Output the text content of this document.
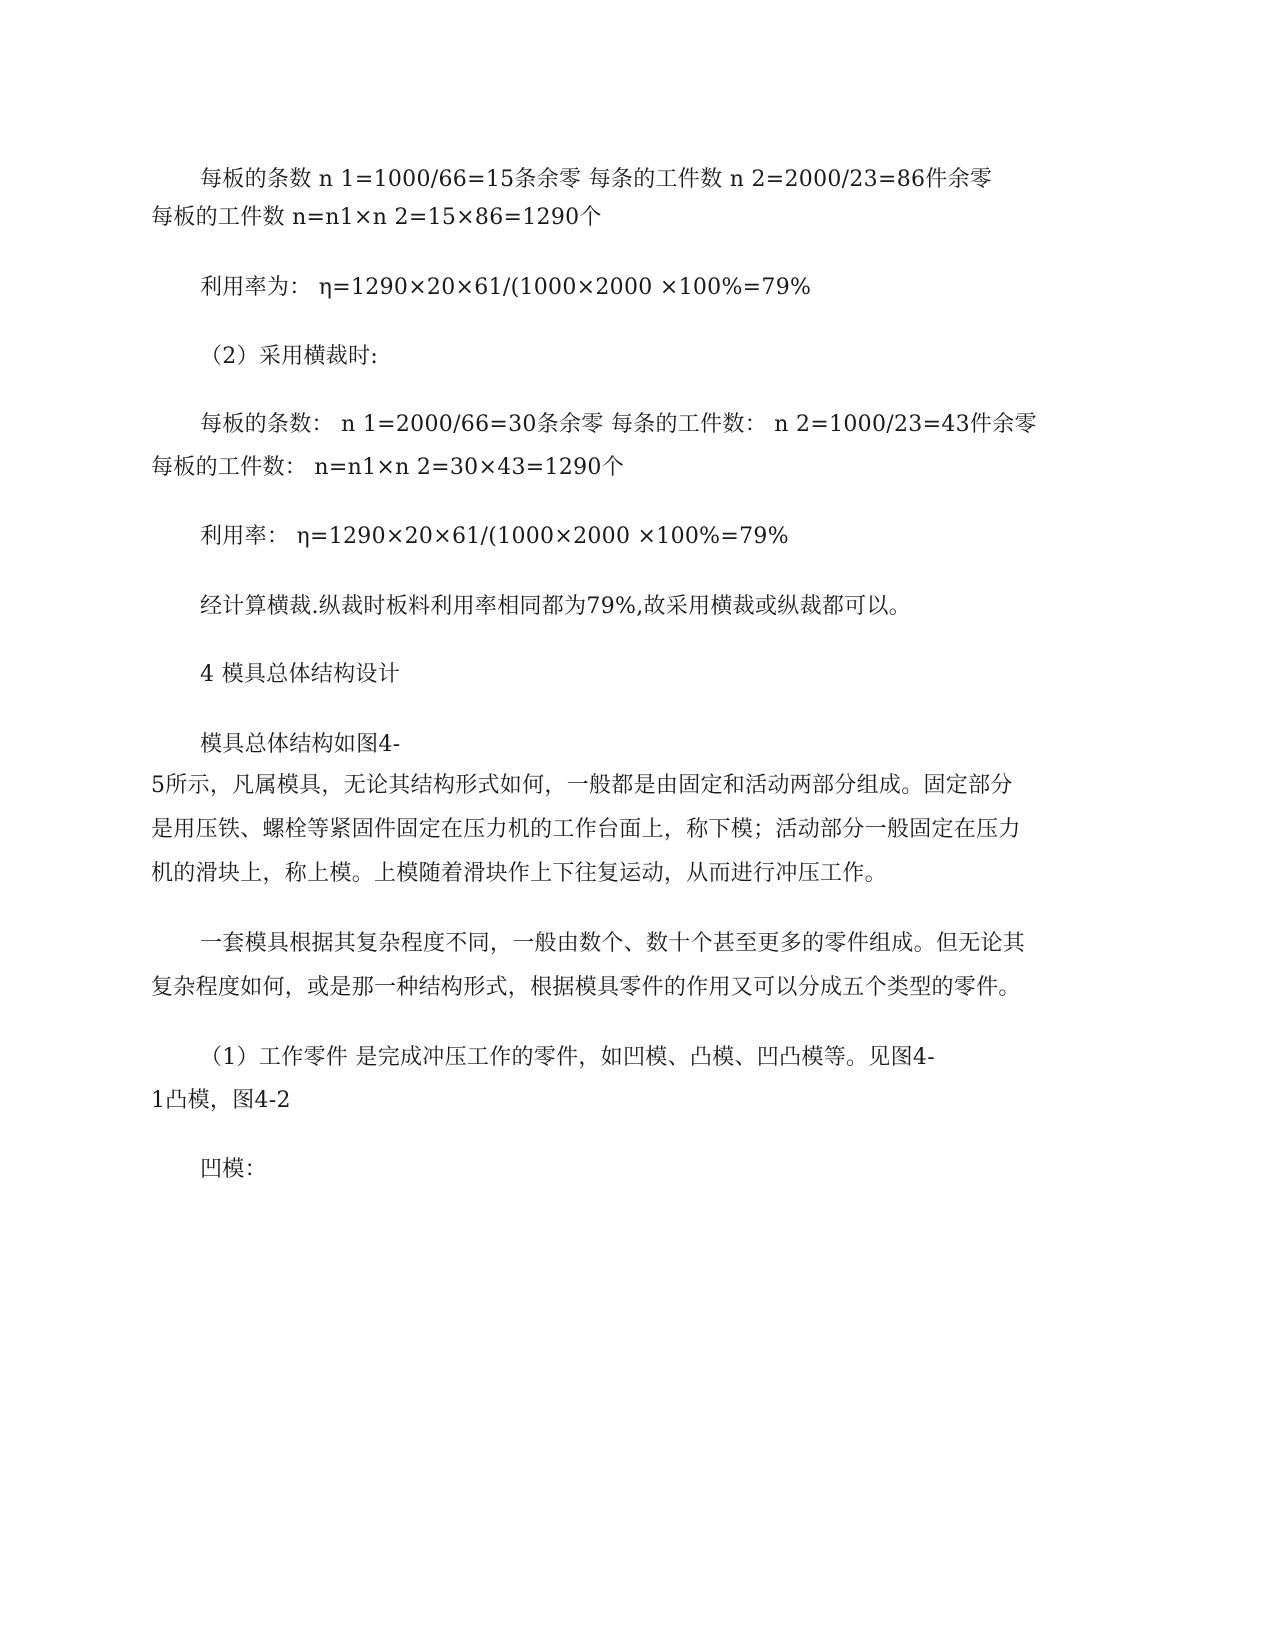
每板的条数 n 1=1000/66=15条余零 每条的工件数 n 2=2000/23=86件余零
每板的工件数 n=n1×n 2=15×86=1290个
利用率为： η=1290×20×61/(1000×2000 ×100%=79%
（2）采用横裁时:
每板的条数： n 1=2000/66=30条余零 每条的工件数： n 2=1000/23=43件余零
每板的工件数： n=n1×n 2=30×43=1290个
利用率： η=1290×20×61/(1000×2000 ×100%=79%
经计算横裁.纵裁时板料利用率相同都为79%,故采用横裁或纵裁都可以。
4 模具总体结构设计
模具总体结构如图4-
5所示，凡属模具，无论其结构形式如何，一般都是由固定和活动两部分组成。固定部分
是用压铁、螺栓等紧固件固定在压力机的工作台面上，称下模；活动部分一般固定在压力
机的滑块上，称上模。上模随着滑块作上下往复运动，从而进行冲压工作。
一套模具根据其复杂程度不同，一般由数个、数十个甚至更多的零件组成。但无论其
复杂程度如何，或是那一种结构形式，根据模具零件的作用又可以分成五个类型的零件。
（1）工作零件 是完成冲压工作的零件，如凹模、凸模、凹凸模等。见图4-
1凸模，图4-2
凹模：
